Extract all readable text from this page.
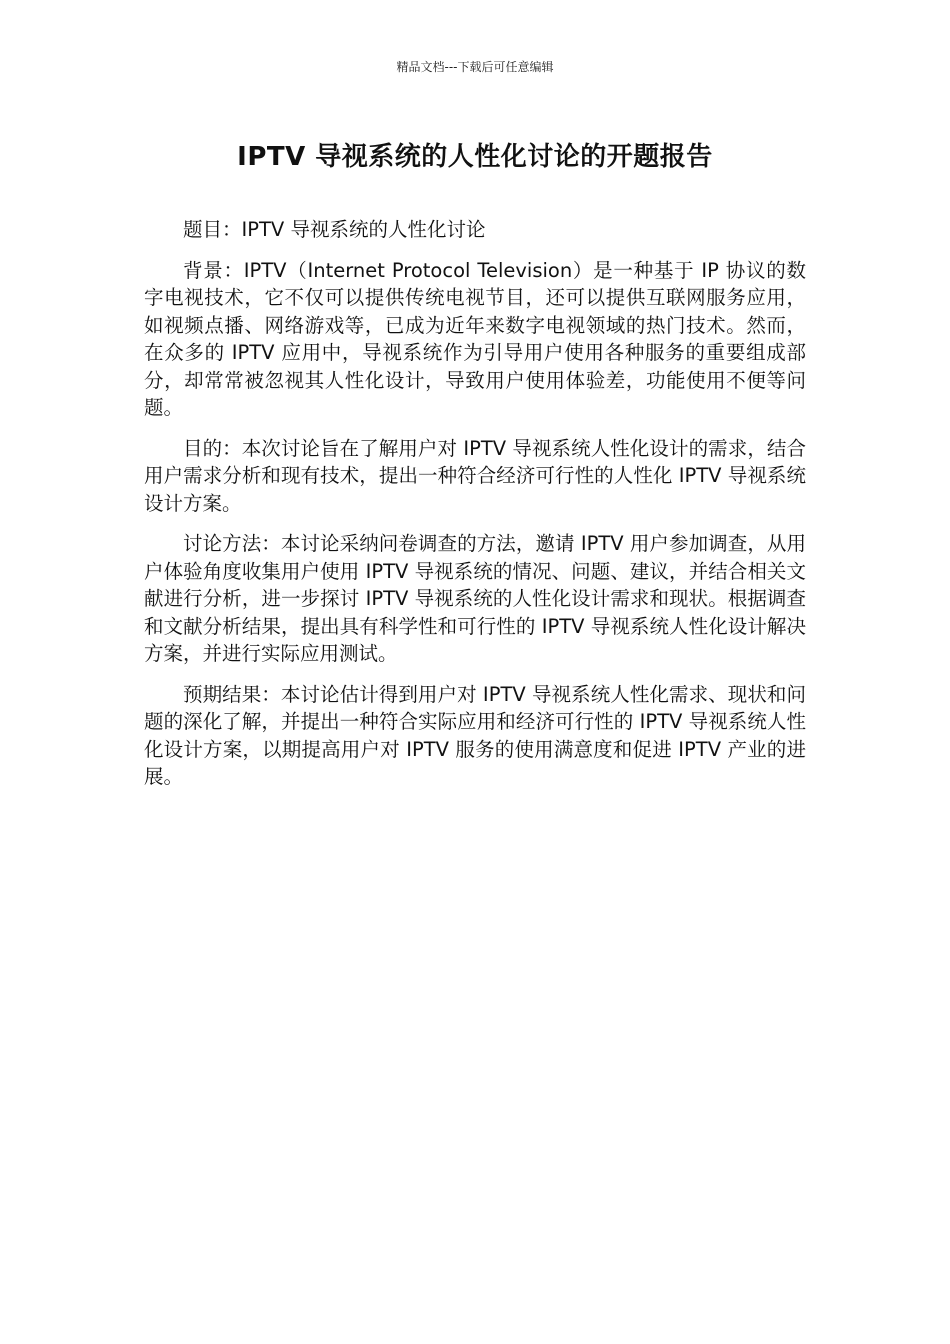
精品文档---下载后可任意编辑
IPTV 导视系统的人性化讨论的开题报告

题目：IPTV 导视系统的人性化讨论

背景：IPTV（Internet Protocol Television）是一种基于 IP 协议的数字电视技术，它不仅可以提供传统电视节目，还可以提供互联网服务应用，如视频点播、网络游戏等，已成为近年来数字电视领域的热门技术。然而，在众多的 IPTV 应用中，导视系统作为引导用户使用各种服务的重要组成部分，却常常被忽视其人性化设计，导致用户使用体验差，功能使用不便等问题。

目的：本次讨论旨在了解用户对 IPTV 导视系统人性化设计的需求，结合用户需求分析和现有技术，提出一种符合经济可行性的人性化 IPTV 导视系统设计方案。

讨论方法：本讨论采纳问卷调查的方法，邀请 IPTV 用户参加调查，从用户体验角度收集用户使用 IPTV 导视系统的情况、问题、建议，并结合相关文献进行分析，进一步探讨 IPTV 导视系统的人性化设计需求和现状。根据调查和文献分析结果，提出具有科学性和可行性的 IPTV 导视系统人性化设计解决方案，并进行实际应用测试。

预期结果：本讨论估计得到用户对 IPTV 导视系统人性化需求、现状和问题的深化了解，并提出一种符合实际应用和经济可行性的 IPTV 导视系统人性化设计方案，以期提高用户对 IPTV 服务的使用满意度和促进 IPTV 产业的进展。
